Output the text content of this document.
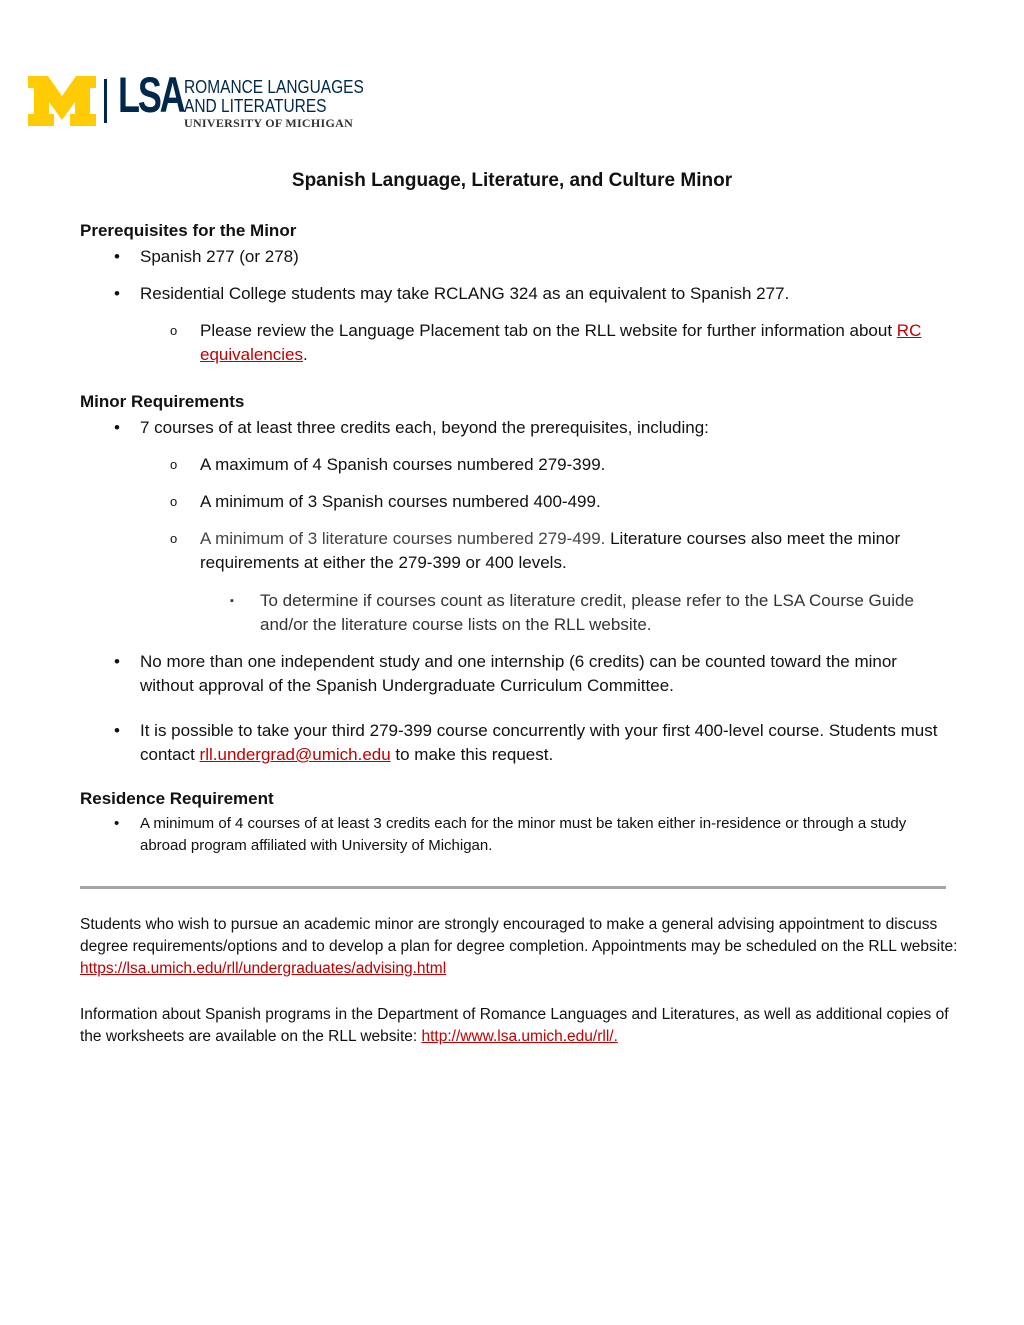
LSA ROMANCE LANGUAGES
AND LITERATURES
UNIVERSITY OF MICHIGAN
Spanish Language, Literature, and Culture Minor
Prerequisites for the Minor
• Spanish 277 (or 278)
• Residential College students may take RCLANG 324 as an equivalent to Spanish 277.
o Please review the Language Placement tab on the RLL website for further information about RC equivalencies.
Minor Requirements
• 7 courses of at least three credits each, beyond the prerequisites, including:
o A maximum of 4 Spanish courses numbered 279-399.
o A minimum of 3 Spanish courses numbered 400-499.
o A minimum of 3 literature courses numbered 279-499. Literature courses also meet the minor requirements at either the 279-399 or 400 levels.
▪ To determine if courses count as literature credit, please refer to the LSA Course Guide and/or the literature course lists on the RLL website.
• No more than one independent study and one internship (6 credits) can be counted toward the minor without approval of the Spanish Undergraduate Curriculum Committee.
• It is possible to take your third 279-399 course concurrently with your first 400-level course. Students must contact rll.undergrad@umich.edu to make this request.
Residence Requirement
• A minimum of 4 courses of at least 3 credits each for the minor must be taken either in-residence or through a study abroad program affiliated with University of Michigan.
Students who wish to pursue an academic minor are strongly encouraged to make a general advising appointment to discuss degree requirements/options and to develop a plan for degree completion. Appointments may be scheduled on the RLL website: https://lsa.umich.edu/rll/undergraduates/advising.html
Information about Spanish programs in the Department of Romance Languages and Literatures, as well as additional copies of the worksheets are available on the RLL website: http://www.lsa.umich.edu/rll/.
